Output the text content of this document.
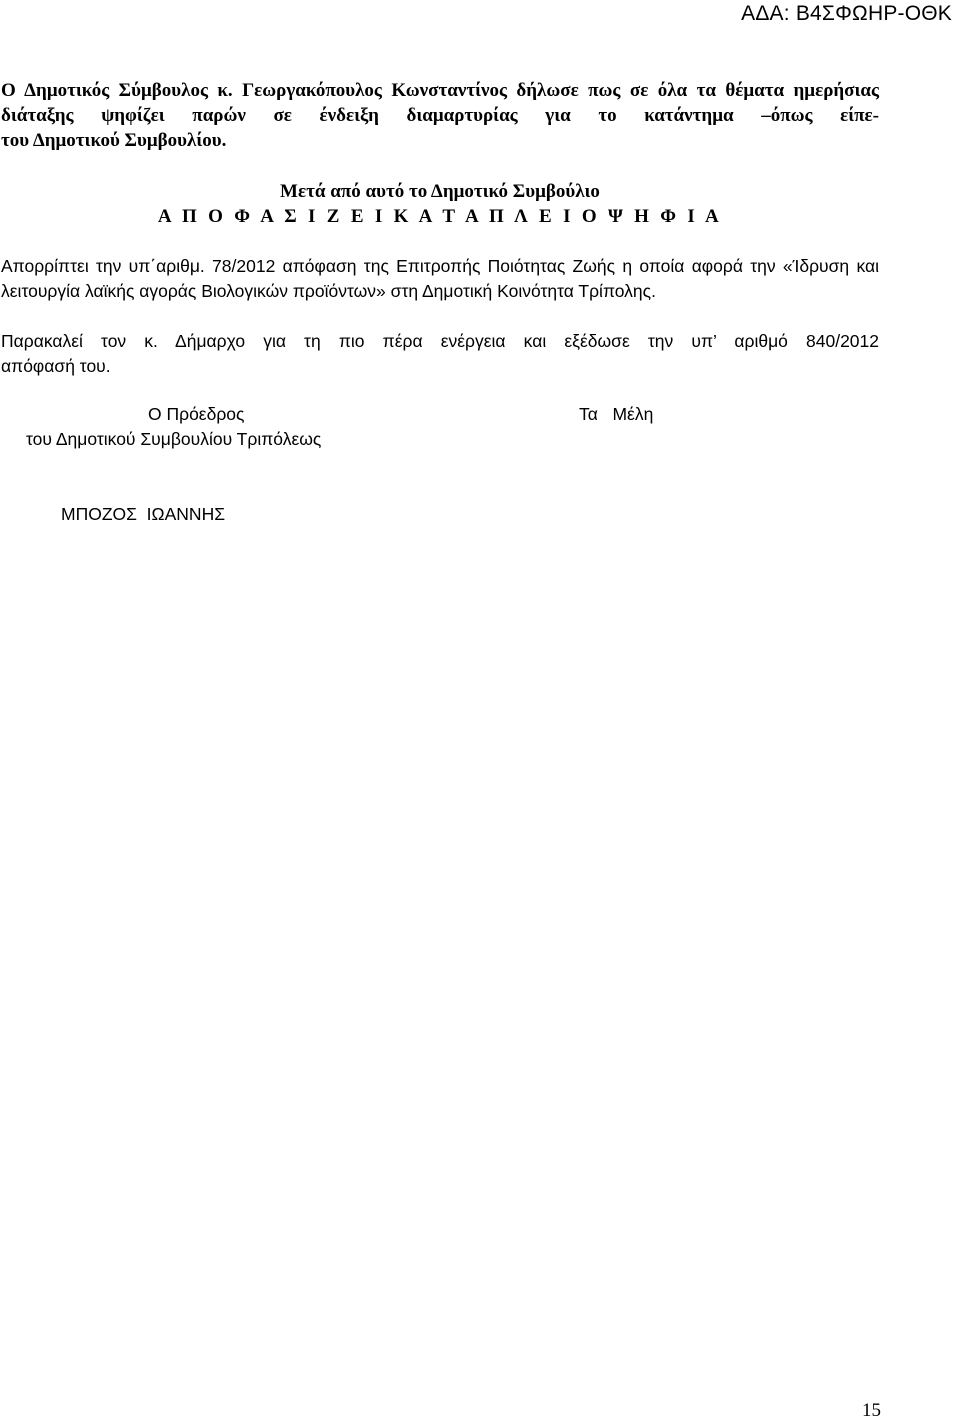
ΑΔΑ: Β4ΣΦΩΗΡ-ΟΘΚ
Ο Δημοτικός Σύμβουλος κ. Γεωργακόπουλος Κωνσταντίνος δήλωσε πως σε όλα τα θέματα ημερήσιας διάταξης ψηφίζει παρών σε ένδειξη διαμαρτυρίας για το κατάντημα –όπως είπε-
του Δημοτικού Συμβουλίου.
Μετά από αυτό το Δημοτικό Συμβούλιο
Α Π Ο Φ Α Σ Ι Ζ Ε Ι Κ Α Τ Α Π Λ Ε Ι Ο Ψ Η Φ Ι Α
Απορρίπτει την υπ΄αριθμ. 78/2012 απόφαση της Επιτροπής Ποιότητας Ζωής η οποία αφορά την «Ίδρυση και λειτουργία λαϊκής αγοράς Βιολογικών προϊόντων» στη Δημοτική Κοινότητα Τρίπολης.
Παρακαλεί τον κ. Δήμαρχο για τη πιο πέρα ενέργεια και εξέδωσε την υπ’ αριθμό 840/2012
απόφασή του.
Ο Πρόεδρος
του Δημοτικού Συμβουλίου Τριπόλεως
Τα   Μέλη
ΜΠΟΖΟΣ  ΙΩΑΝΝΗΣ
15
